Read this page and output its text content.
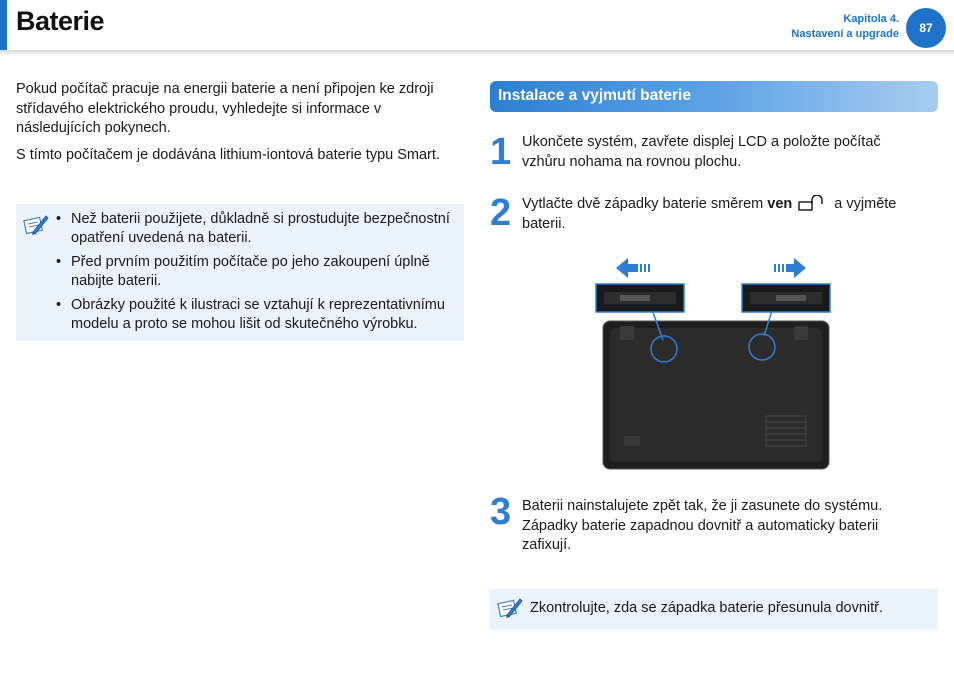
Baterie	Kapitola 4.
Nastavení a upgrade	87

Pokud počítač pracuje na energii baterie a není připojen ke zdroji střídavého elektrického proudu, vyhledejte si informace v následujících pokynech.

S tímto počítačem je dodávána lithium-iontová baterie typu Smart.

• Než baterii použijete, důkladně si prostudujte bezpečnostní opatření uvedená na baterii.
• Před prvním použitím počítače po jeho zakoupení úplně nabijte baterii.
• Obrázky použité k ilustraci se vztahují k reprezentativnímu modelu a proto se mohou lišit od skutečného výrobku.
Instalace a vyjmutí baterie
1 Ukončete systém, zavřete displej LCD a položte počítač vzhůru nohama na rovnou plochu.

2 Vytlačte dvě západky baterie směrem ven	a vyjměte baterii.

3 Baterii nainstalujete zpět tak, že ji zasunete do systému. Západky baterie zapadnou dovnitř a automaticky baterii zafixují.

Zkontrolujte, zda se západka baterie přesunula dovnitř.
